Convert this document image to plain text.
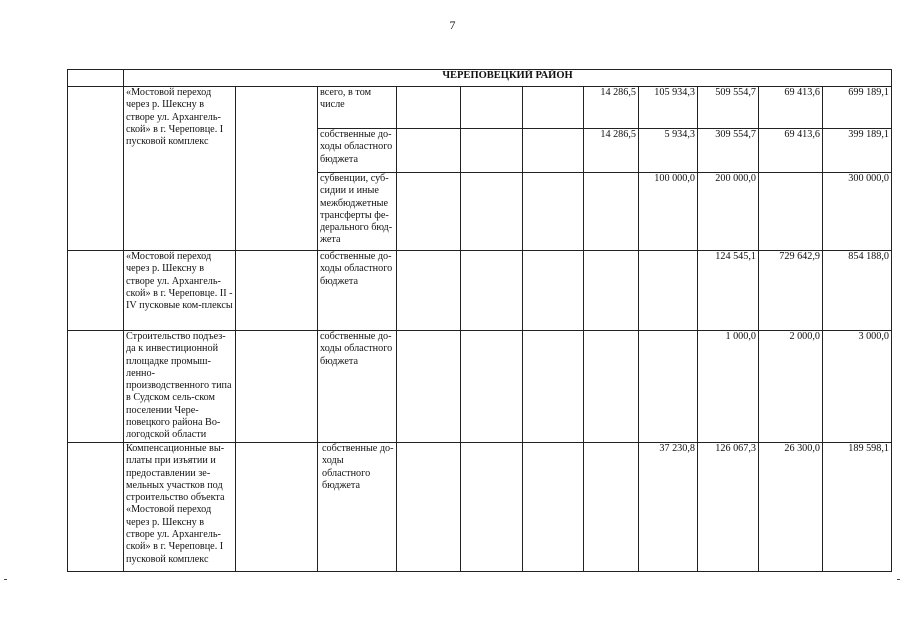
7
	ЧЕРЕПОВЕЦКИЙ РАЙОН										
	«Мостовой переход через р. Шексну в створе ул. Архангель-ской» в г. Череповце. I пусковой комплекс		всего, в том числе				14 286,5	105 934,3	509 554,7	69 413,6	699 189,1
			собственные до-ходы областного бюджета				14 286,5	5 934,3	309 554,7	69 413,6	399 189,1
			субвенции, суб-сидии и иные межбюджетные трансферты фе-дерального бюд-жета					100 000,0	200 000,0		300 000,0
	«Мостовой переход через р. Шексну в створе ул. Архангель-ской» в г. Череповце. II -IV пусковые ком-плексы		собственные до-ходы областного бюджета						124 545,1	729 642,9	854 188,0
	Строительство подъез-да к инвестиционной площадке промыш-ленно-производственного типа в Судском сель-ском поселении Чере-повецкого района Во-логодской области		собственные до-ходы областного бюджета						1 000,0	2 000,0	3 000,0
	Компенсационные вы-платы при изъятии и предоставлении зе-мельных участков под строительство объекта «Мостовой переход через р. Шексну в створе ул. Архангель-ской» в г. Череповце. I пусковой комплекс		собственные до-ходы областного бюджета					37 230,8	126 067,3	26 300,0	189 598,1
